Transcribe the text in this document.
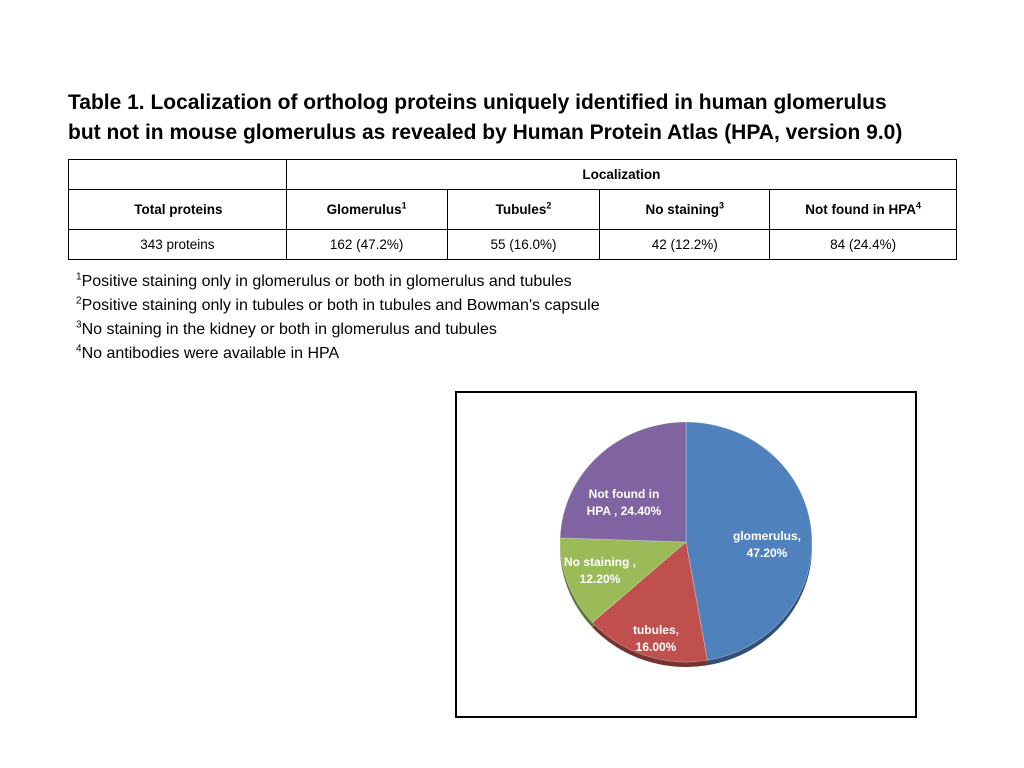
Table 1. Localization of ortholog proteins uniquely identified in human glomerulus
but not in mouse glomerulus as revealed by Human Protein Atlas (HPA, version 9.0)
	Localization			
Total proteins	Glomerulus$^1$	Tubules$^2$	No staining$^3$	Not found in HPA$^4$
343 proteins	162 (47.2%)	55 (16.0%)	42 (12.2%)	84 (24.4%)
$^1$Positive staining only in glomerulus or both in glomerulus and tubules
$^2$Positive staining only in tubules or both in tubules and Bowman's capsule
$^3$No staining in the kidney or both in glomerulus and tubules
$^4$No antibodies were available in HPA
glomerulus, 47.20%
tubules, 16.00%
No staining , 12.20%
Not found in HPA , 24.40%
